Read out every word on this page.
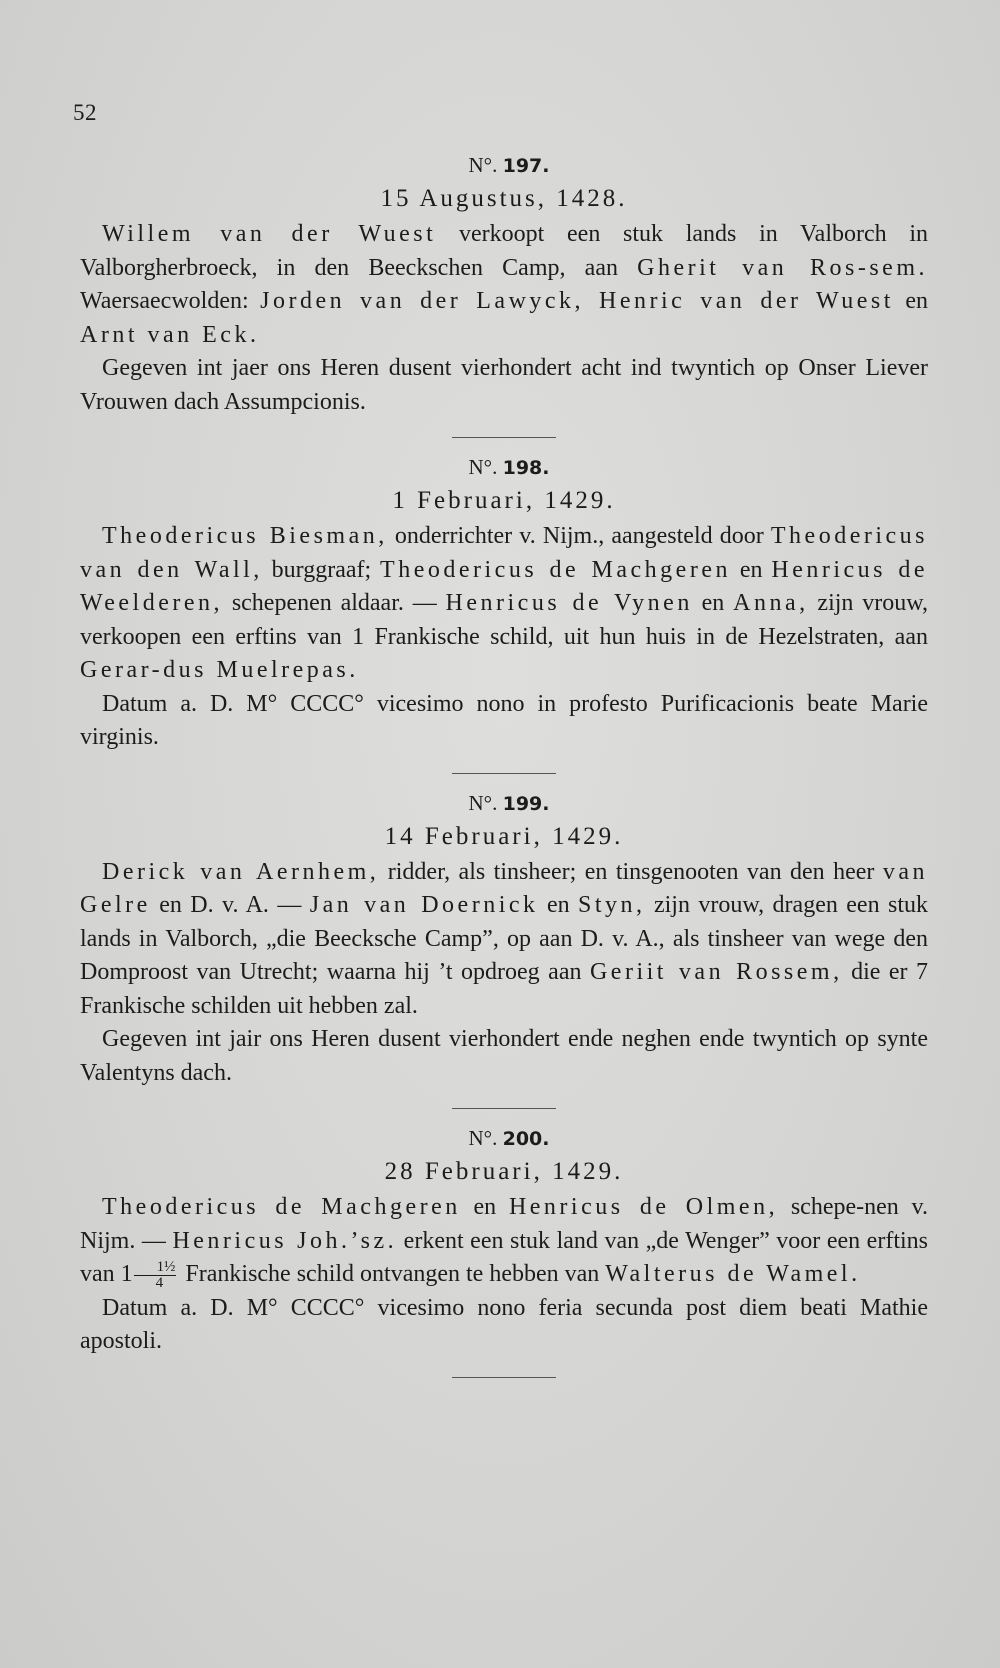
52
N°. 197.
15 Augustus, 1428.

Willem van der Wuest verkoopt een stuk lands in Valborch in Valborgherbroeck, in den Beeckschen Camp, aan Gherit van Ros-sem. Waersaecwolden: Jorden van der Lawyck, Henric van der Wuest en Arnt van Eck.

Gegeven int jaer ons Heren dusent vierhondert acht ind twyntich op Onser Liever Vrouwen dach Assumpcionis.

N°. 198.
1 Februari, 1429.

Theodericus Biesman, onderrichter v. Nijm., aangesteld door Theodericus van den Wall, burggraaf; Theodericus de Machgeren en Henricus de Weelderen, schepenen aldaar. — Henricus de Vynen en Anna, zijn vrouw, verkoopen een erftins van 1 Frankische schild, uit hun huis in de Hezelstraten, aan Gerar-dus Muelrepas.

Datum a. D. M° CCCC° vicesimo nono in profesto Purificacionis beate Marie virginis.

N°. 199.
14 Februari, 1429.

Derick van Aernhem, ridder, als tinsheer; en tinsgenooten van den heer van Gelre en D. v. A. — Jan van Doernick en Styn, zijn vrouw, dragen een stuk lands in Valborch, „die Beecksche Camp”, op aan D. v. A., als tinsheer van wege den Domproost van Utrecht; waarna hij ’t opdroeg aan Geriit van Rossem, die er 7 Frankische schilden uit hebben zal.

Gegeven int jair ons Heren dusent vierhondert ende neghen ende twyntich op synte Valentyns dach.

N°. 200.
28 Februari, 1429.

Theodericus de Machgeren en Henricus de Olmen, schepe-nen v. Nijm. — Henricus Joh.’sz. erkent een stuk land van „de Wenger” voor een erftins van $1 \frac{\text{1½}}{4}$ Frankische schild ontvangen te hebben van Walterus de Wamel.

Datum a. D. M° CCCC° vicesimo nono feria secunda post diem beati Mathie apostoli.
